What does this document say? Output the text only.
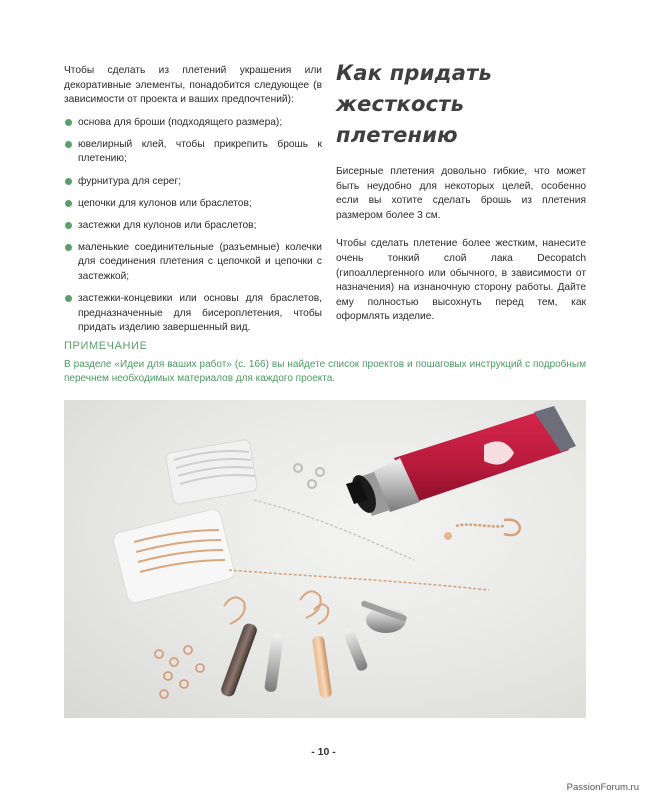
Чтобы сделать из плетений украшения или декоративные элементы, понадобится следующее (в зависимости от проекта и ваших предпочтений):

основа для броши (подходящего размера);
ювелирный клей, чтобы прикрепить брошь к плетению;
фурнитура для серег;
цепочки для кулонов или браслетов;
застежки для кулонов или браслетов;
маленькие соединительные (разъемные) колечки для соединения плетения с цепочкой и цепочки с застежкой;
застежки-концевики или основы для браслетов, предназначенные для бисероплетения, чтобы придать изделию завершенный вид.
Как придать жесткость плетению

Бисерные плетения довольно гибкие, что может быть неудобно для некоторых целей, особенно если вы хотите сделать брошь из плетения размером более 3 см.

Чтобы сделать плетение более жестким, нанесите очень тонкий слой лака Decopatch (гипоаллергенного или обычного, в зависимости от назначения) на изнаночную сторону работы. Дайте ему полностью высохнуть перед тем, как оформлять изделие.

ПРИМЕЧАНИЕ

В разделе «Идеи для ваших работ» (с. 166) вы найдете список проектов и пошаговых инструкций с подробным перечнем необходимых материалов для каждого проекта.

- 10 -
PassionForum.ru
